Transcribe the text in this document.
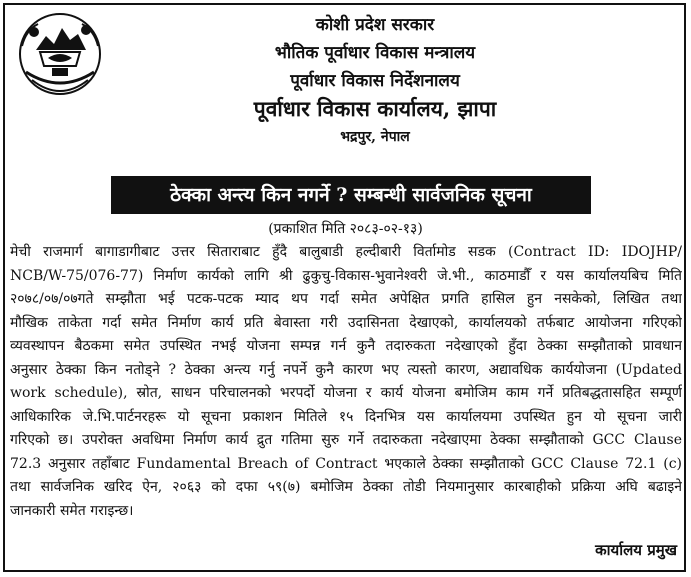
कोशी प्रदेश सरकार
भौतिक पूर्वाधार विकास मन्त्रालय
पूर्वाधार विकास निर्देशनालय
पूर्वाधार विकास कार्यालय, झापा
भद्रपुर, नेपाल
ठेक्का अन्त्य किन नगर्ने ? सम्बन्धी सार्वजनिक सूचना
(प्रकाशित मिति २०८३-०२-१३)
मेची राजमार्ग बागाडागीबाट उत्तर सिताराबाट हुँदै बालुबाडी हल्दीबारी विर्तामोड सडक (Contract ID: IDOJHP/
NCB/W-75/076-77) निर्माण कार्यको लागि श्री ढुकुचु-विकास-भुवानेश्वरी जे.भी., काठमाडौँ र यस कार्यालयबिच मिति
२०७८/०७/०७गते सम्झौता भई पटक-पटक म्याद थप गर्दा समेत अपेक्षित प्रगति हासिल हुन नसकेको, लिखित तथा
मौखिक ताकेता गर्दा समेत निर्माण कार्य प्रति बेवास्ता गरी उदासिनता देखाएको, कार्यालयको तर्फबाट आयोजना गरिएको
व्यवस्थापन बैठकमा समेत उपस्थित नभई योजना सम्पन्न गर्न कुनै तदारुकता नदेखाएको हुँदा ठेक्का सम्झौताको प्रावधान
अनुसार ठेक्का किन नतोड्ने ? ठेक्का अन्त्य गर्नु नपर्ने कुनै कारण भए त्यस्तो कारण, अद्यावधिक कार्ययोजना (Updated
work schedule), स्रोत, साधन परिचालनको भरपर्दो योजना र कार्य योजना बमोजिम काम गर्ने प्रतिबद्धतासहित सम्पूर्ण
आधिकारिक जे.भि.पार्टनरहरू यो सूचना प्रकाशन मितिले १५ दिनभित्र यस कार्यालयमा उपस्थित हुन यो सूचना जारी
गरिएको छ। उपरोक्त अवधिमा निर्माण कार्य द्रुत गतिमा सुरु गर्ने तदारुकता नदेखाएमा ठेक्का सम्झौताको GCC Clause
72.3 अनुसार तहाँबाट Fundamental Breach of Contract भएकाले ठेक्का सम्झौताको GCC Clause 72.1 (c)
तथा सार्वजनिक खरिद ऐन, २०६३ को दफा ५९(७) बमोजिम ठेक्का तोडी नियमानुसार कारबाहीको प्रक्रिया अघि बढाइने
जानकारी समेत गराइन्छ।
कार्यालय प्रमुख
